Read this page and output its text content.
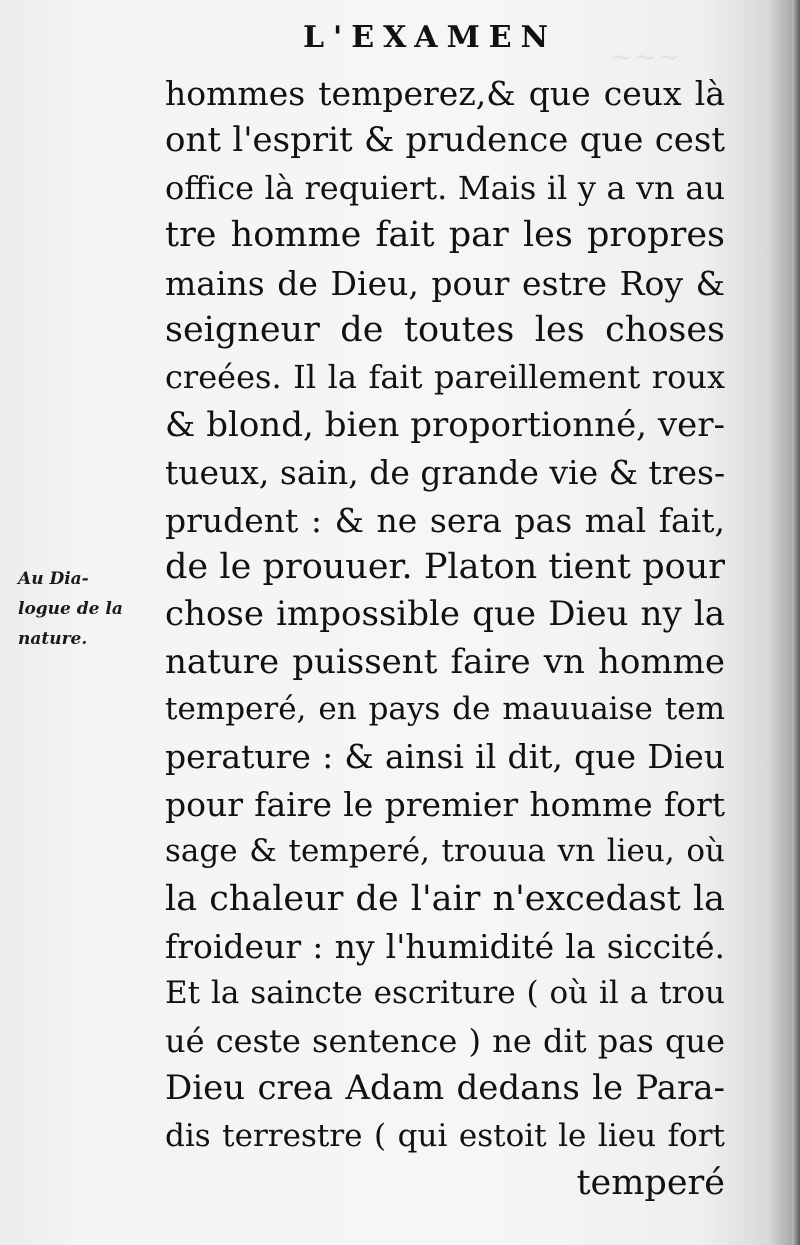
~~~
L'EXAMEN
Au Dia-
logue de la
nature.
hommes temperez,& que ceux là
ont l'esprit & prudence que cest
office là requiert. Mais il y a vn au
tre homme fait par les propres
mains de Dieu, pour estre Roy &
seigneur de toutes les choses
creées. Il la fait pareillement roux
& blond, bien proportionné, ver-
tueux, sain, de grande vie & tres-
prudent : & ne sera pas mal fait,
de le prouuer. Platon tient pour
chose impossible que Dieu ny la
nature puissent faire vn homme
temperé, en pays de mauuaise tem
perature : & ainsi il dit, que Dieu
pour faire le premier homme fort
sage & temperé, trouua vn lieu, où
la chaleur de l'air n'excedast la
froideur : ny l'humidité la siccité.
Et la saincte escriture ( où il a trou
ué ceste sentence ) ne dit pas que
Dieu crea Adam dedans le Para-
dis terrestre ( qui estoit le lieu fort
temperé
